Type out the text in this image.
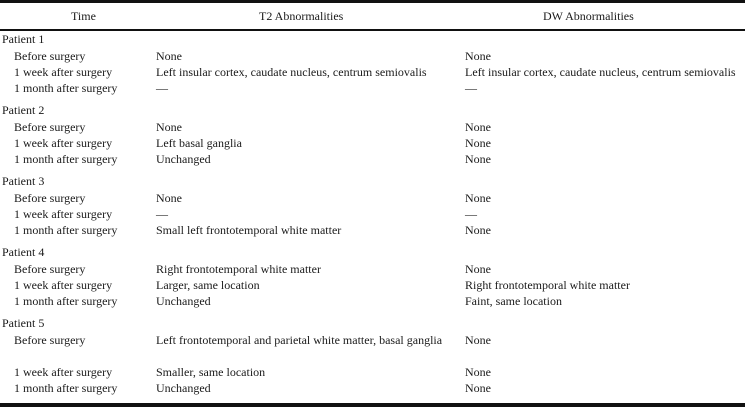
Time	T2 Abnormalities	DW Abnormalities
Patient 1
Before surgery	None	None
1 week after surgery	Left insular cortex, caudate nucleus, centrum semiovalis	Left insular cortex, caudate nucleus, centrum semiovalis
1 month after surgery	—	—
Patient 2
Before surgery	None	None
1 week after surgery	Left basal ganglia	None
1 month after surgery	Unchanged	None
Patient 3
Before surgery	None	None
1 week after surgery	—	—
1 month after surgery	Small left frontotemporal white matter	None
Patient 4
Before surgery	Right frontotemporal white matter	None
1 week after surgery	Larger, same location	Right frontotemporal white matter
1 month after surgery	Unchanged	Faint, same location
Patient 5
Before surgery	Left frontotemporal and parietal white matter, basal ganglia	None
1 week after surgery	Smaller, same location	None
1 month after surgery	Unchanged	None
